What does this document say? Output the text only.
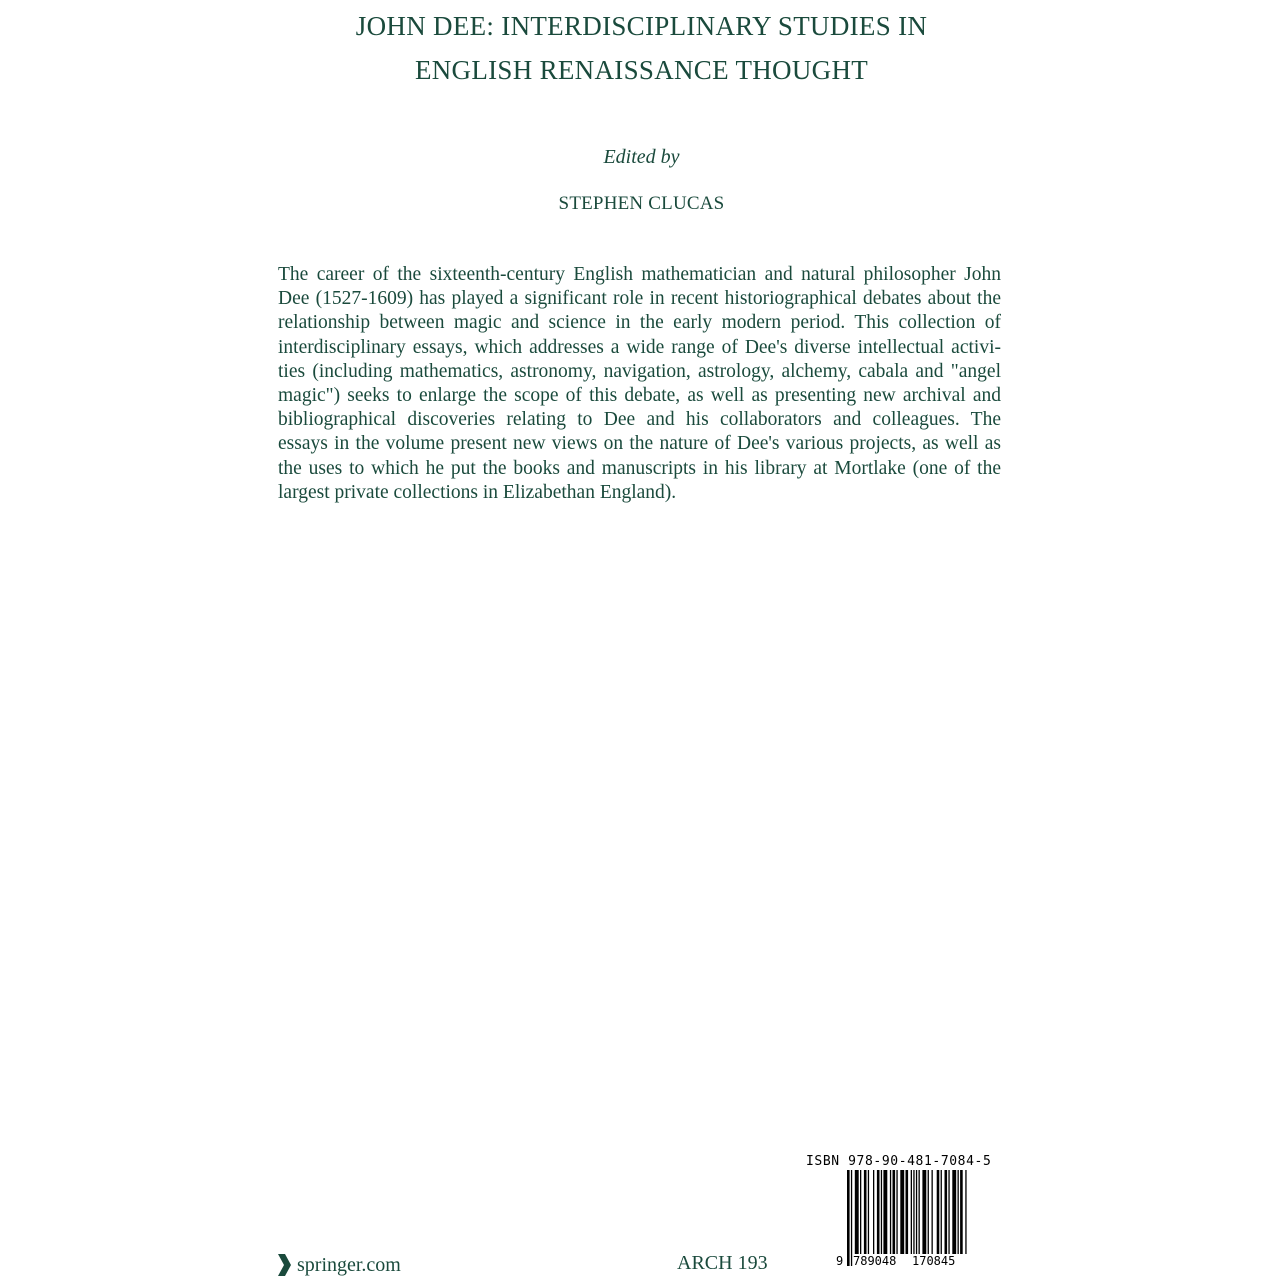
JOHN DEE: INTERDISCIPLINARY STUDIES IN
ENGLISH RENAISSANCE THOUGHT
Edited by
STEPHEN CLUCAS
The career of the sixteenth-century English mathematician and natural philosopher John
Dee (1527-1609) has played a significant role in recent historiographical debates about the
relationship between magic and science in the early modern period. This collection of
interdisciplinary essays, which addresses a wide range of Dee's diverse intellectual activi-
ties (including mathematics, astronomy, navigation, astrology, alchemy, cabala and "angel
magic") seeks to enlarge the scope of this debate, as well as presenting new archival and
bibliographical discoveries relating to Dee and his collaborators and colleagues. The
essays in the volume present new views on the nature of Dee's various projects, as well as
the uses to which he put the books and manuscripts in his library at Mortlake (one of the
largest private collections in Elizabethan England).
springer.com	ARCH 193
ISBN 978-90-481-7084-5
9 789048 170845
